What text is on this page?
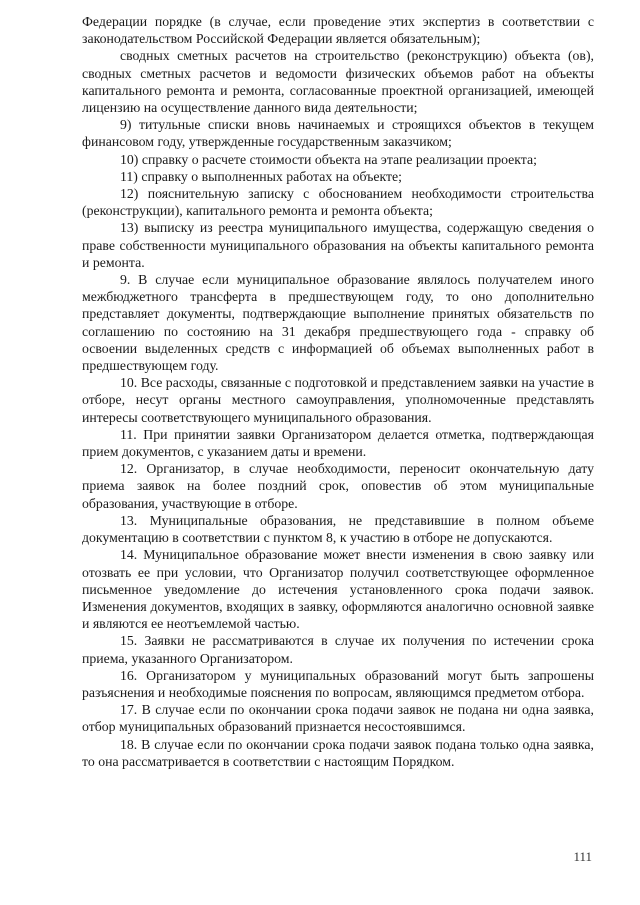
Федерации порядке (в случае, если проведение этих экспертиз в соответствии с законодательством Российской Федерации является обязательным);

сводных сметных расчетов на строительство (реконструкцию) объекта (ов), сводных сметных расчетов и ведомости физических объемов работ на объекты капитального ремонта и ремонта, согласованные проектной организацией, имеющей лицензию на осуществление данного вида деятельности;

9) титульные списки вновь начинаемых и строящихся объектов в текущем финансовом году, утвержденные государственным заказчиком;

10) справку о расчете стоимости объекта на этапе реализации проекта;

11) справку о выполненных работах на объекте;

12) пояснительную записку с обоснованием необходимости строительства (реконструкции), капитального ремонта и ремонта объекта;

13) выписку из реестра муниципального имущества, содержащую сведения о праве собственности муниципального образования на объекты капитального ремонта и ремонта.

9. В случае если муниципальное образование являлось получателем иного межбюджетного трансферта в предшествующем году, то оно дополнительно представляет документы, подтверждающие выполнение принятых обязательств по соглашению по состоянию на 31 декабря предшествующего года - справку об освоении выделенных средств с информацией об объемах выполненных работ в предшествующем году.

10. Все расходы, связанные с подготовкой и представлением заявки на участие в отборе, несут органы местного самоуправления, уполномоченные представлять интересы соответствующего муниципального образования.

11. При принятии заявки Организатором делается отметка, подтверждающая прием документов, с указанием даты и времени.

12. Организатор, в случае необходимости, переносит окончательную дату приема заявок на более поздний срок, оповестив об этом муниципальные образования, участвующие в отборе.

13. Муниципальные образования, не представившие в полном объеме документацию в соответствии с пунктом 8, к участию в отборе не допускаются.

14. Муниципальное образование может внести изменения в свою заявку или отозвать ее при условии, что Организатор получил соответствующее оформленное письменное уведомление до истечения установленного срока подачи заявок. Изменения документов, входящих в заявку, оформляются аналогично основной заявке и являются ее неотъемлемой частью.

15. Заявки не рассматриваются в случае их получения по истечении срока приема, указанного Организатором.

16. Организатором у муниципальных образований могут быть запрошены разъяснения и необходимые пояснения по вопросам, являющимся предметом отбора.

17. В случае если по окончании срока подачи заявок не подана ни одна заявка, отбор муниципальных образований признается несостоявшимся.

18. В случае если по окончании срока подачи заявок подана только одна заявка, то она рассматривается в соответствии с настоящим Порядком.

111
